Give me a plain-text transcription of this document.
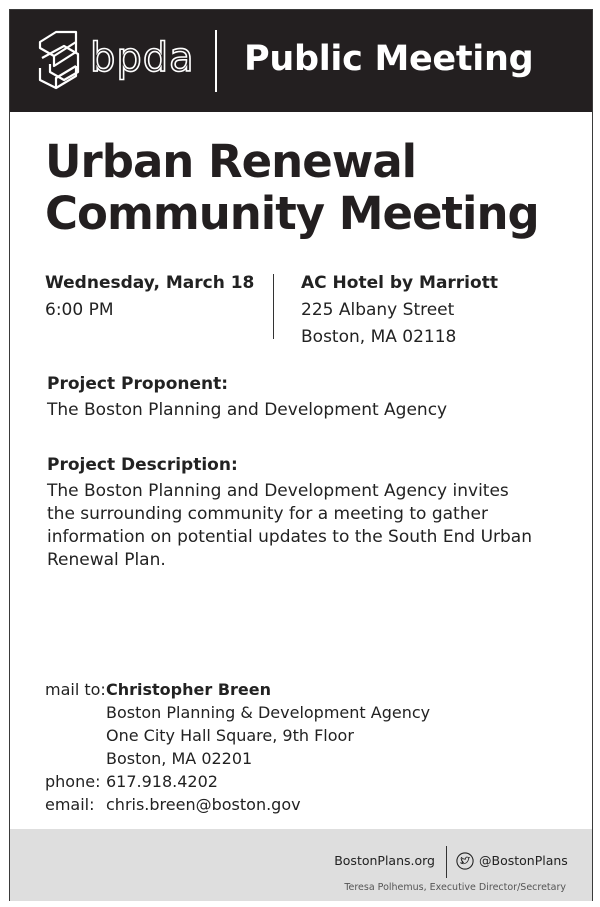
bpda Public Meeting
Urban Renewal
Community Meeting
Wednesday, March 18
6:00 PM
AC Hotel by Marriott
225 Albany Street
Boston, MA 02118
Project Proponent:
The Boston Planning and Development Agency
Project Description:
The Boston Planning and Development Agency invites
the surrounding community for a meeting to gather
information on potential updates to the South End Urban
Renewal Plan.
mail to: Christopher Breen
Boston Planning & Development Agency
One City Hall Square, 9th Floor
Boston, MA 02201
phone: 617.918.4202
email: chris.breen@boston.gov
BostonPlans.org	@BostonPlans
Teresa Polhemus, Executive Director/Secretary
